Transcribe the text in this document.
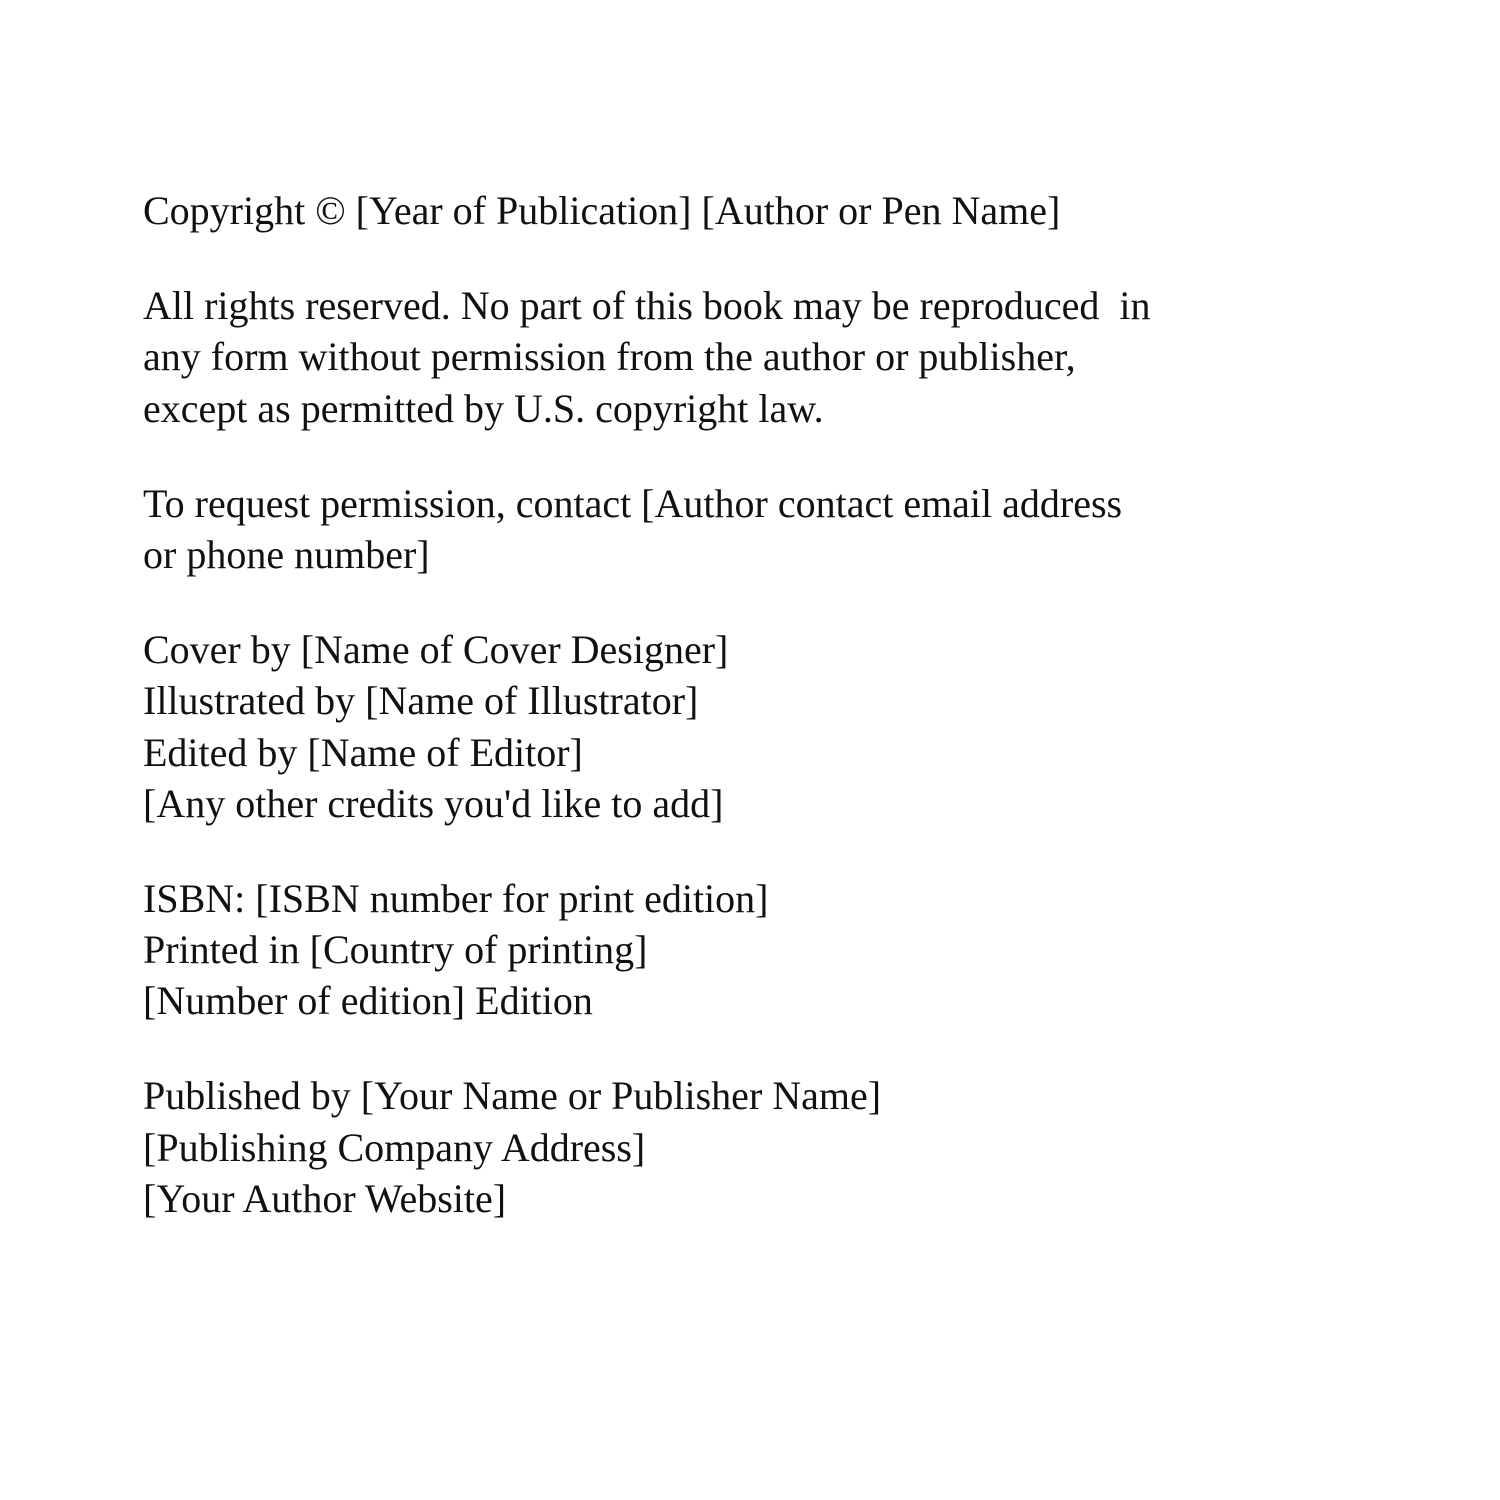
Copyright © [Year of Publication] [Author or Pen Name]

All rights reserved. No part of this book may be reproduced  in
any form without permission from the author or publisher,
except as permitted by U.S. copyright law.

To request permission, contact [Author contact email address
or phone number]

Cover by [Name of Cover Designer]
Illustrated by [Name of Illustrator]
Edited by [Name of Editor]
[Any other credits you'd like to add]

ISBN: [ISBN number for print edition]
Printed in [Country of printing]
[Number of edition] Edition

Published by [Your Name or Publisher Name]
[Publishing Company Address]
[Your Author Website]
